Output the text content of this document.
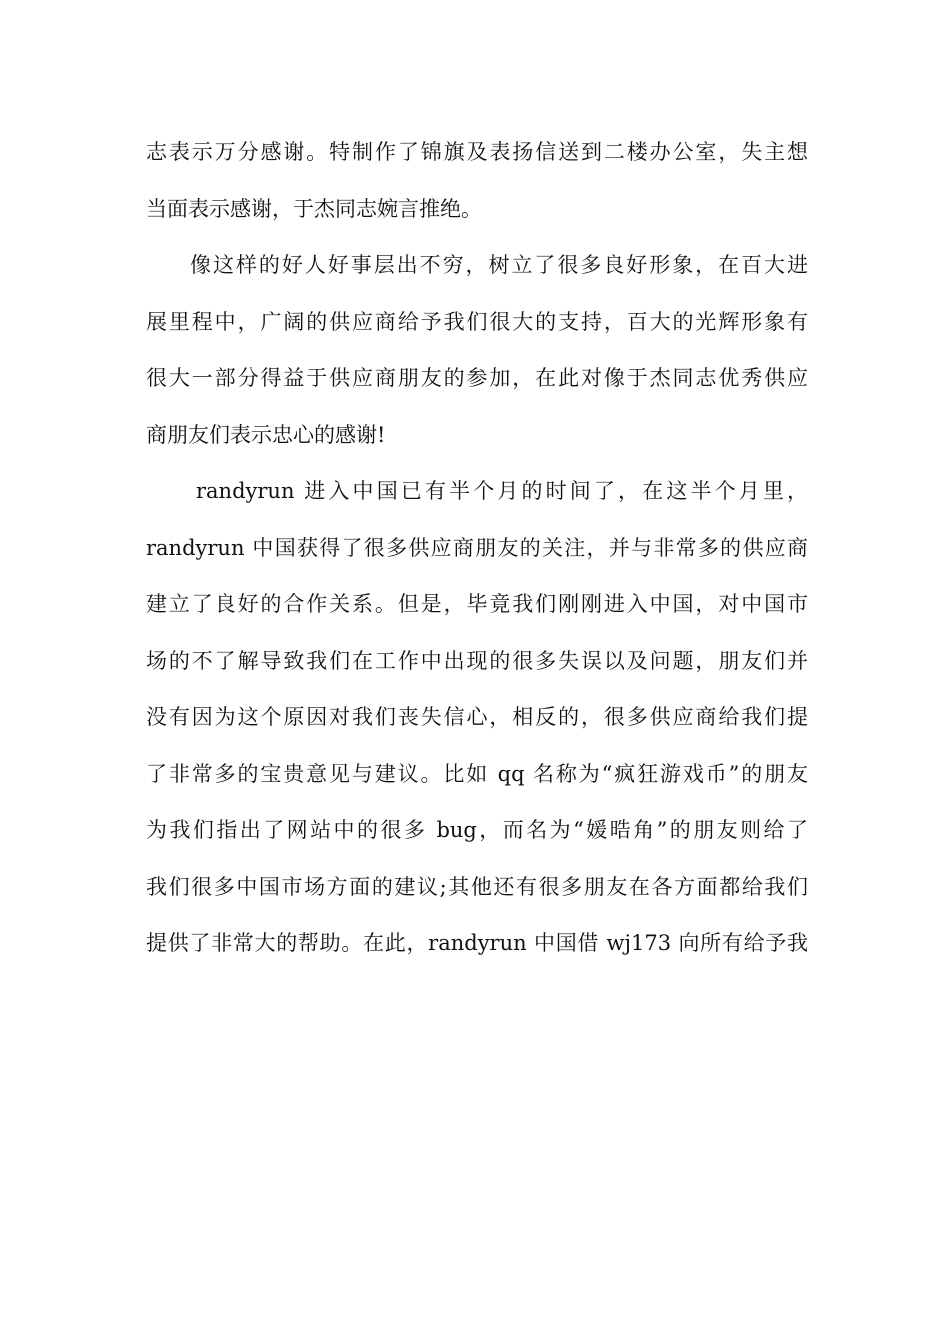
志表示万分感谢。特制作了锦旗及表扬信送到二楼办公室，失主想
当面表示感谢，于杰同志婉言推绝。
像这样的好人好事层出不穷，树立了很多良好形象，在百大进
展里程中，广阔的供应商给予我们很大的支持，百大的光辉形象有
很大一部分得益于供应商朋友的参加，在此对像于杰同志优秀供应
商朋友们表示忠心的感谢!
randyrun 进入中国已有半个月的时间了，在这半个月里，
randyrun 中国获得了很多供应商朋友的关注，并与非常多的供应商
建立了良好的合作关系。但是，毕竟我们刚刚进入中国，对中国市
场的不了解导致我们在工作中出现的很多失误以及问题，朋友们并
没有因为这个原因对我们丧失信心，相反的，很多供应商给我们提
了非常多的宝贵意见与建议。比如 qq 名称为“疯狂游戏币”的朋友
为我们指出了网站中的很多 bug，而名为“媛晧角”的朋友则给了
我们很多中国市场方面的建议;其他还有很多朋友在各方面都给我们
提供了非常大的帮助。在此，randyrun 中国借 wj173 向所有给予我
